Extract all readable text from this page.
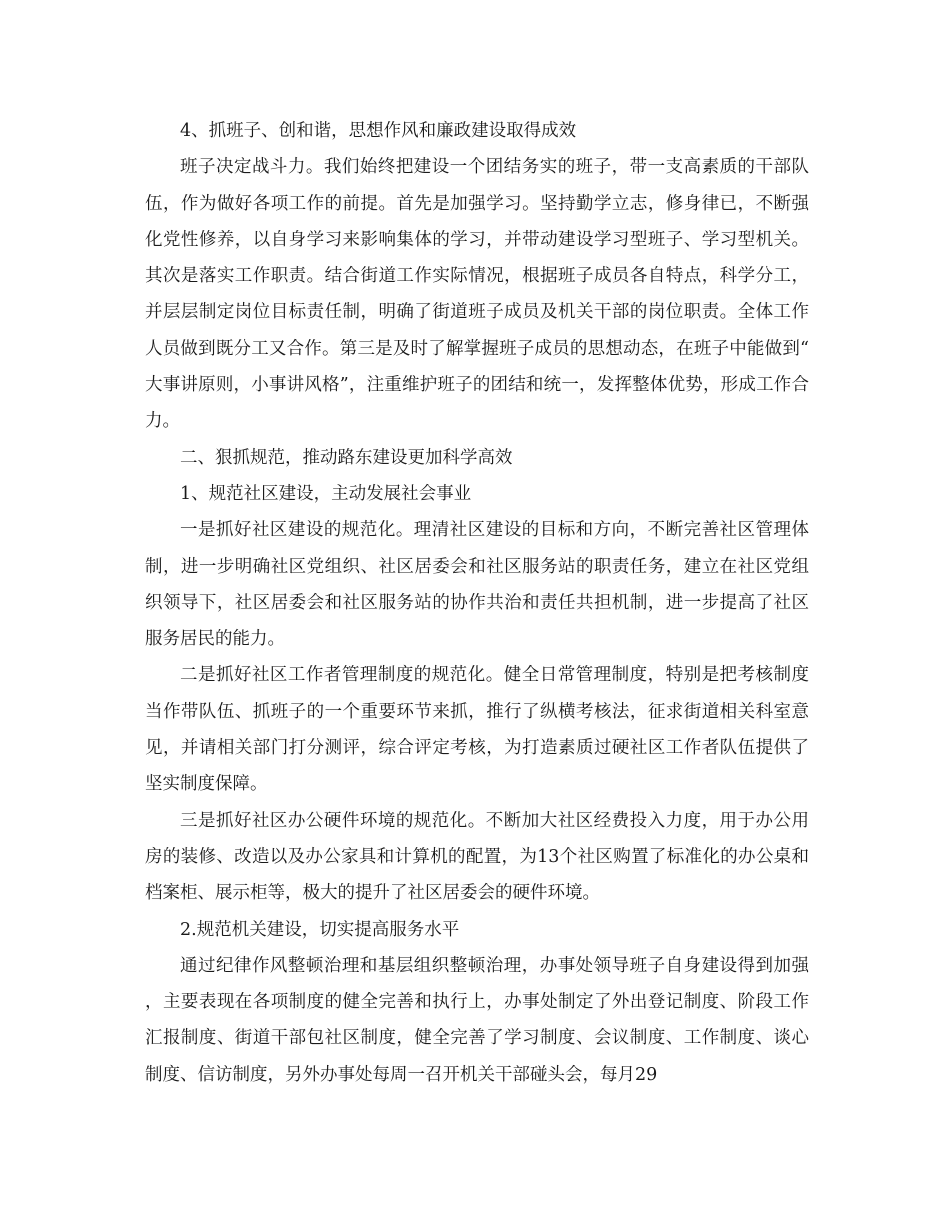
4、抓班子、创和谐，思想作风和廉政建设取得成效

班子决定战斗力。我们始终把建设一个团结务实的班子，带一支高素质的干部队伍，作为做好各项工作的前提。首先是加强学习。坚持勤学立志，修身律已，不断强化党性修养，以自身学习来影响集体的学习，并带动建设学习型班子、学习型机关。其次是落实工作职责。结合街道工作实际情况，根据班子成员各自特点，科学分工，并层层制定岗位目标责任制，明确了街道班子成员及机关干部的岗位职责。全体工作人员做到既分工又合作。第三是及时了解掌握班子成员的思想动态，在班子中能做到“大事讲原则，小事讲风格”，注重维护班子的团结和统一，发挥整体优势，形成工作合力。

二、狠抓规范，推动路东建设更加科学高效

1、规范社区建设，主动发展社会事业

一是抓好社区建设的规范化。理清社区建设的目标和方向，不断完善社区管理体制，进一步明确社区党组织、社区居委会和社区服务站的职责任务，建立在社区党组织领导下，社区居委会和社区服务站的协作共治和责任共担机制，进一步提高了社区服务居民的能力。

二是抓好社区工作者管理制度的规范化。健全日常管理制度，特别是把考核制度当作带队伍、抓班子的一个重要环节来抓，推行了纵横考核法，征求街道相关科室意见，并请相关部门打分测评，综合评定考核，为打造素质过硬社区工作者队伍提供了坚实制度保障。

三是抓好社区办公硬件环境的规范化。不断加大社区经费投入力度，用于办公用房的装修、改造以及办公家具和计算机的配置，为13个社区购置了标准化的办公桌和档案柜、展示柜等，极大的提升了社区居委会的硬件环境。

2.规范机关建设，切实提高服务水平

通过纪律作风整顿治理和基层组织整顿治理，办事处领导班子自身建设得到加强，主要表现在各项制度的健全完善和执行上，办事处制定了外出登记制度、阶段工作汇报制度、街道干部包社区制度，健全完善了学习制度、会议制度、工作制度、谈心制度、信访制度，另外办事处每周一召开机关干部碰头会，每月29
